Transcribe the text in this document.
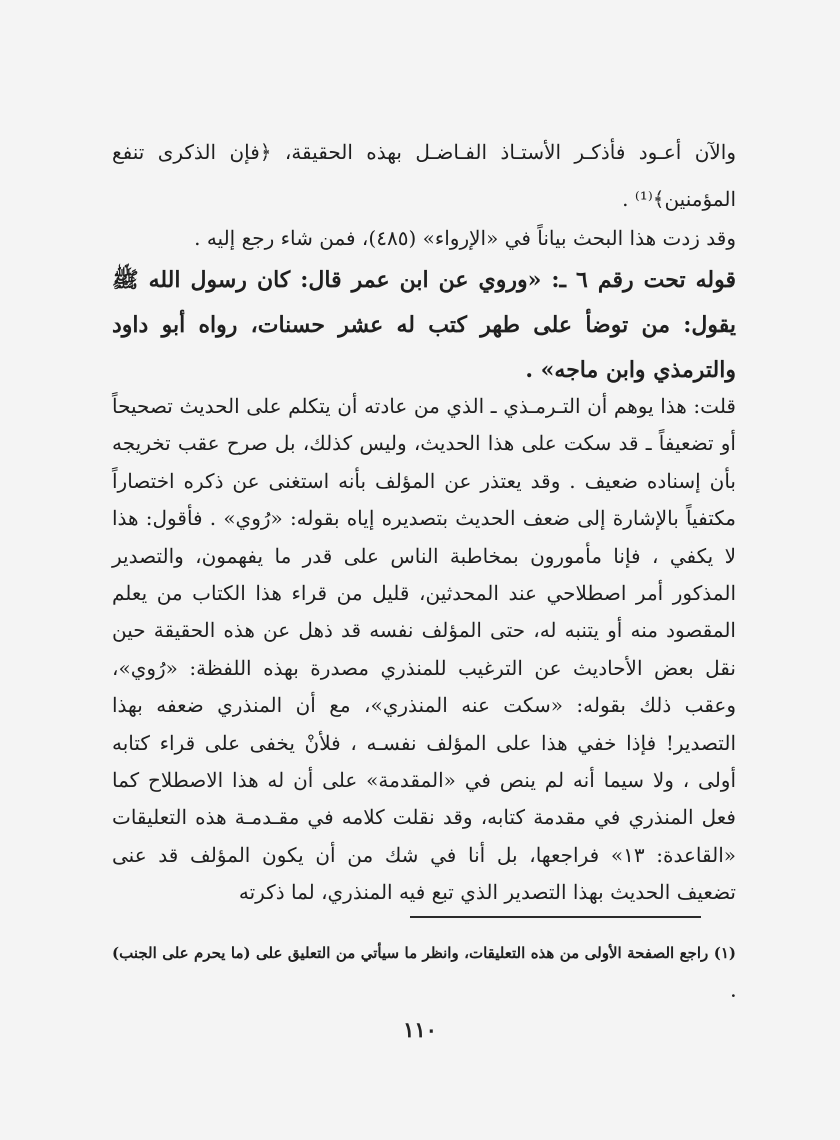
والآن أعـود فأذكـر الأستـاذ الفـاضـل بهذه الحقيقة، ﴿فإن الذكرى تنفع المؤمنين﴾⁽¹⁾ .

وقد زدت هذا البحث بياناً في «الإرواء» (٤٨٥)، فمن شاء رجع إليه .

قوله تحت رقم ٦ ـ: «وروي عن ابن عمر قال: كان رسول الله ﷺ يقول: من توضأ على طهر كتب له عشر حسنات، رواه أبو داود والترمذي وابن ماجه» .

قلت: هذا يوهم أن التـرمـذي ـ الذي من عادته أن يتكلم على الحديث تصحيحاً أو تضعيفاً ـ قد سكت على هذا الحديث، وليس كذلك، بل صرح عقب تخريجه بأن إسناده ضعيف . وقد يعتذر عن المؤلف بأنه استغنى عن ذكره اختصاراً مكتفياً بالإشارة إلى ضعف الحديث بتصديره إياه بقوله: «رُوي» . فأقول: هذا لا يكفي ، فإنا مأمورون بمخاطبة الناس على قدر ما يفهمون، والتصدير المذكور أمر اصطلاحي عند المحدثين، قليل من قراء هذا الكتاب من يعلم المقصود منه أو يتنبه له، حتى المؤلف نفسه قد ذهل عن هذه الحقيقة حين نقل بعض الأحاديث عن الترغيب للمنذري مصدرة بهذه اللفظة: «رُوي»، وعقب ذلك بقوله: «سكت عنه المنذري»، مع أن المنذري ضعفه بهذا التصدير! فإذا خفي هذا على المؤلف نفسـه ، فلأنْ يخفى على قراء كتابه أولى ، ولا سيما أنه لم ينص في «المقدمة» على أن له هذا الاصطلاح كما فعل المنذري في مقدمة كتابه، وقد نقلت كلامه في مقـدمـة هذه التعليقات «القاعدة: ١٣» فراجعها، بل أنا في شك من أن يكون المؤلف قد عنى تضعيف الحديث بهذا التصدير الذي تبع فيه المنذري، لما ذكرته

(١) راجع الصفحة الأولى من هذه التعليقات، وانظر ما سيأتي من التعليق على (ما يحرم على الجنب) .

١١٠
